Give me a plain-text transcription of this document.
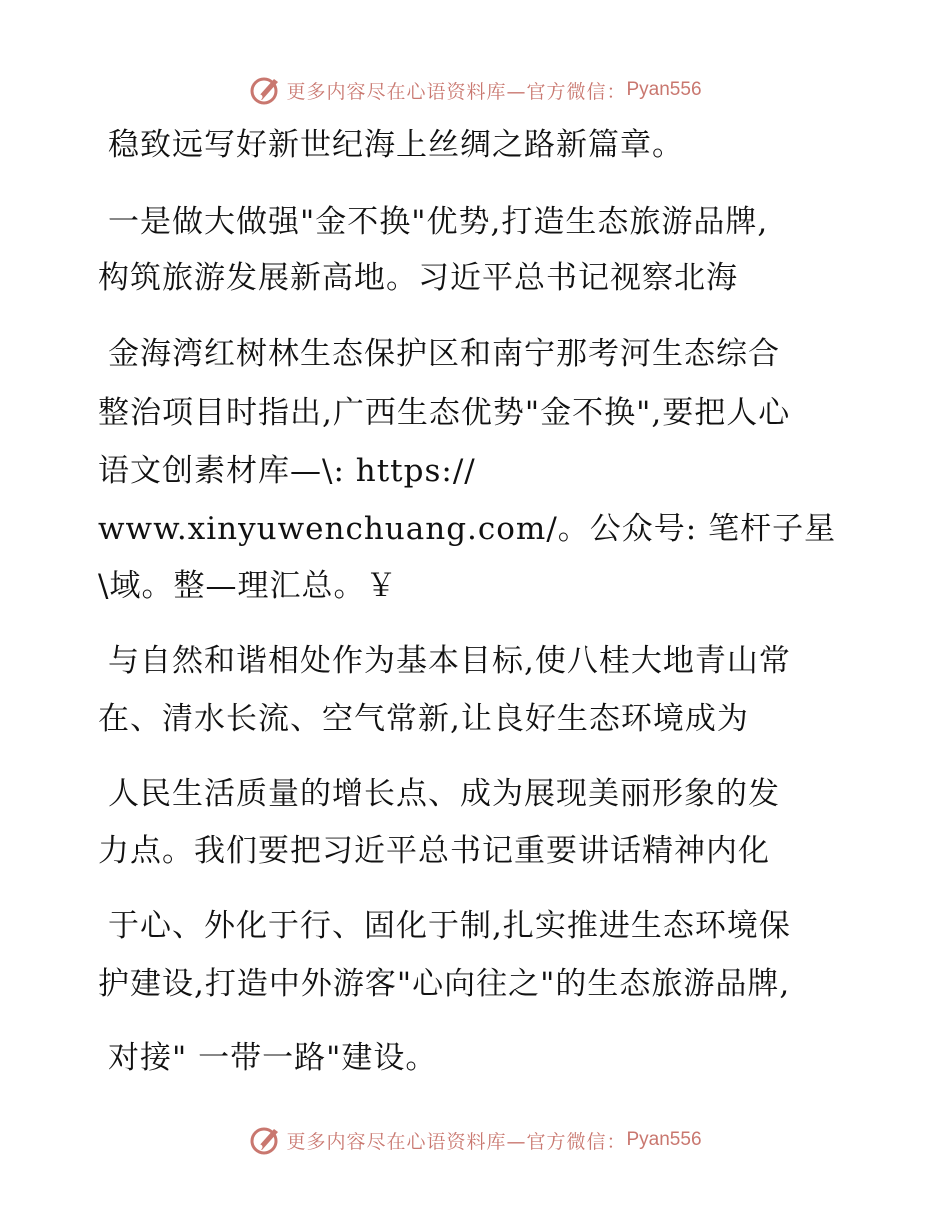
更多内容尽在心语资料库—官方微信： Pyan556
稳致远写好新世纪海上丝绸之路新篇章。
一是做大做强"金不换"优势,打造生态旅游品牌,
构筑旅游发展新高地。习近平总书记视察北海
金海湾红树林生态保护区和南宁那考河生态综合
整治项目时指出,广西生态优势"金不换",要把人心
语文创素材库—\: https://
www.xinyuwenchuang.com/。公众号: 笔杆子星
\域。整—理汇总。￥
与自然和谐相处作为基本目标,使八桂大地青山常
在、清水长流、空气常新,让良好生态环境成为
人民生活质量的增长点、成为展现美丽形象的发
力点。我们要把习近平总书记重要讲话精神内化
于心、外化于行、固化于制,扎实推进生态环境保
护建设,打造中外游客"心向往之"的生态旅游品牌,
对接" 一带一路"建设。
更多内容尽在心语资料库—官方微信： Pyan556
